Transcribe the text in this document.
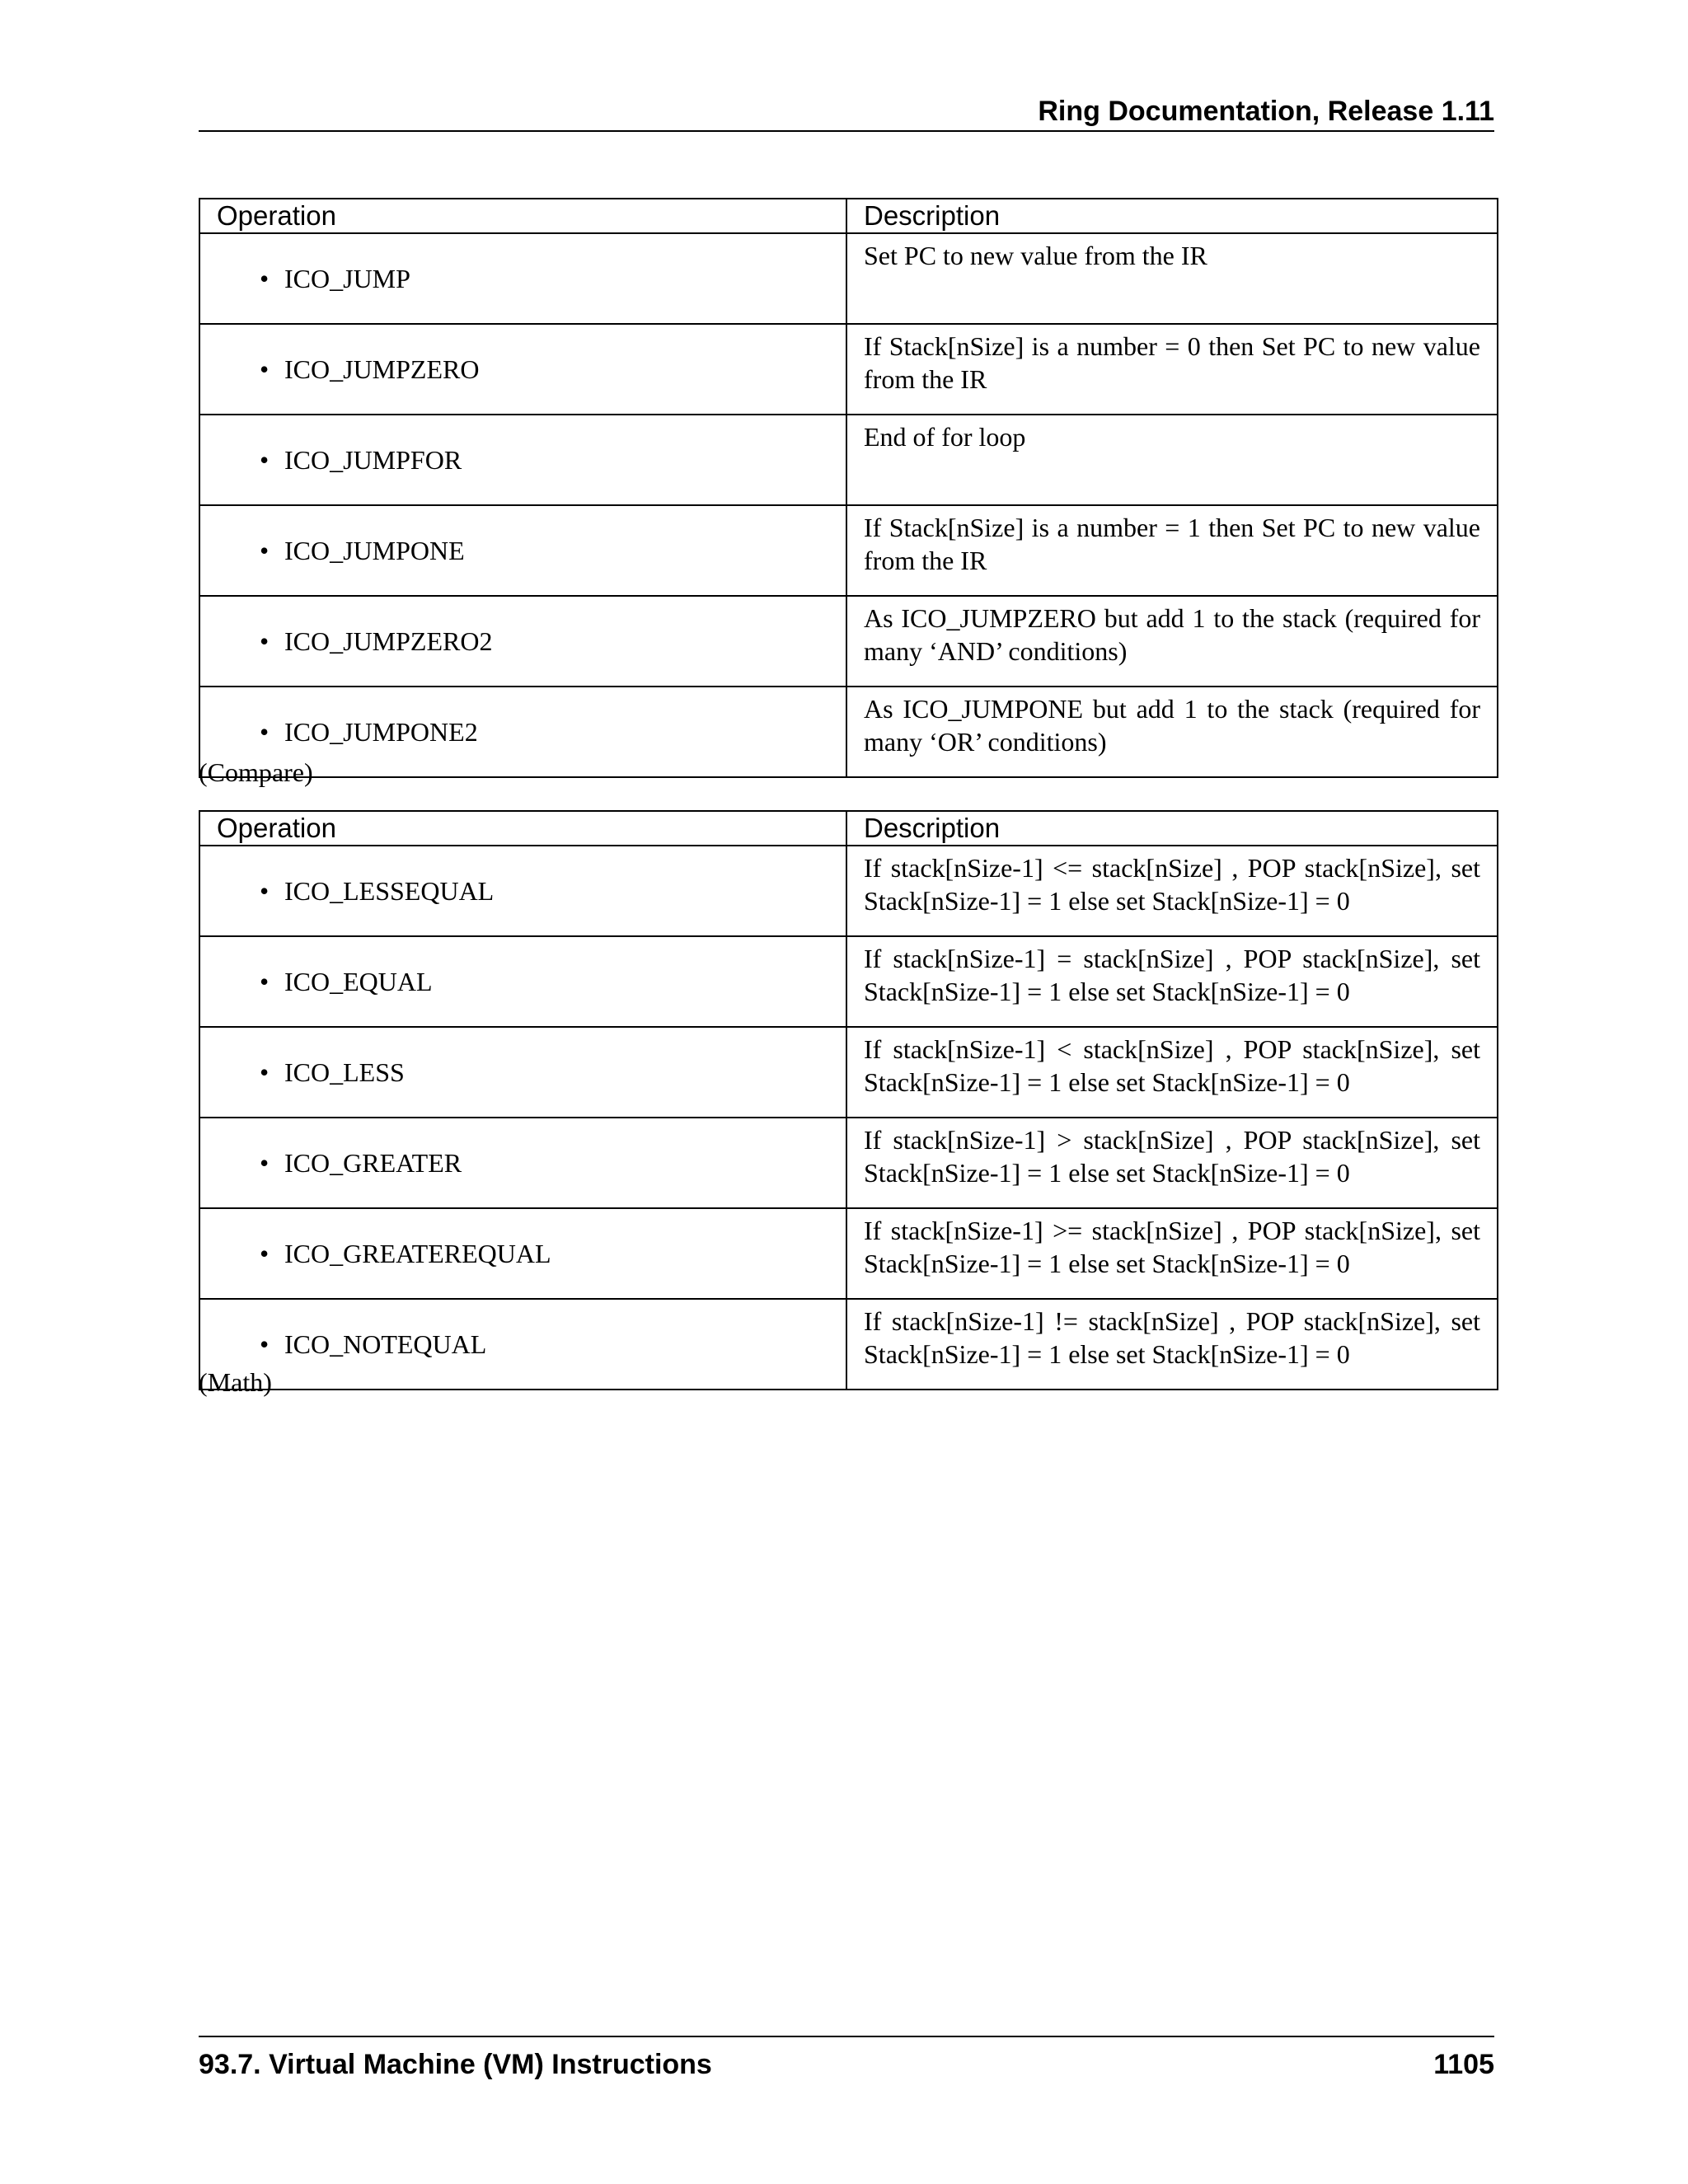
Ring Documentation, Release 1.11
Operation	Description
• ICO_JUMP	Set PC to new value from the IR
• ICO_JUMPZERO	If Stack[nSize] is a number = 0 then Set PC to new value from the IR
• ICO_JUMPFOR	End of for loop
• ICO_JUMPONE	If Stack[nSize] is a number = 1 then Set PC to new value from the IR
• ICO_JUMPZERO2	As ICO_JUMPZERO but add 1 to the stack (required for many ‘AND’ conditions)
• ICO_JUMPONE2	As ICO_JUMPONE but add 1 to the stack (required for many ‘OR’ conditions)
(Compare)
Operation	Description
• ICO_LESSEQUAL	If stack[nSize-1] <= stack[nSize] , POP stack[nSize], set Stack[nSize-1] = 1 else set Stack[nSize-1] = 0
• ICO_EQUAL	If stack[nSize-1] = stack[nSize] , POP stack[nSize], set Stack[nSize-1] = 1 else set Stack[nSize-1] = 0
• ICO_LESS	If stack[nSize-1] < stack[nSize] , POP stack[nSize], set Stack[nSize-1] = 1 else set Stack[nSize-1] = 0
• ICO_GREATER	If stack[nSize-1] > stack[nSize] , POP stack[nSize], set Stack[nSize-1] = 1 else set Stack[nSize-1] = 0
• ICO_GREATEREQUAL	If stack[nSize-1] >= stack[nSize] , POP stack[nSize], set Stack[nSize-1] = 1 else set Stack[nSize-1] = 0
• ICO_NOTEQUAL	If stack[nSize-1] != stack[nSize] , POP stack[nSize], set Stack[nSize-1] = 1 else set Stack[nSize-1] = 0
(Math)
93.7. Virtual Machine (VM) Instructions	1105
